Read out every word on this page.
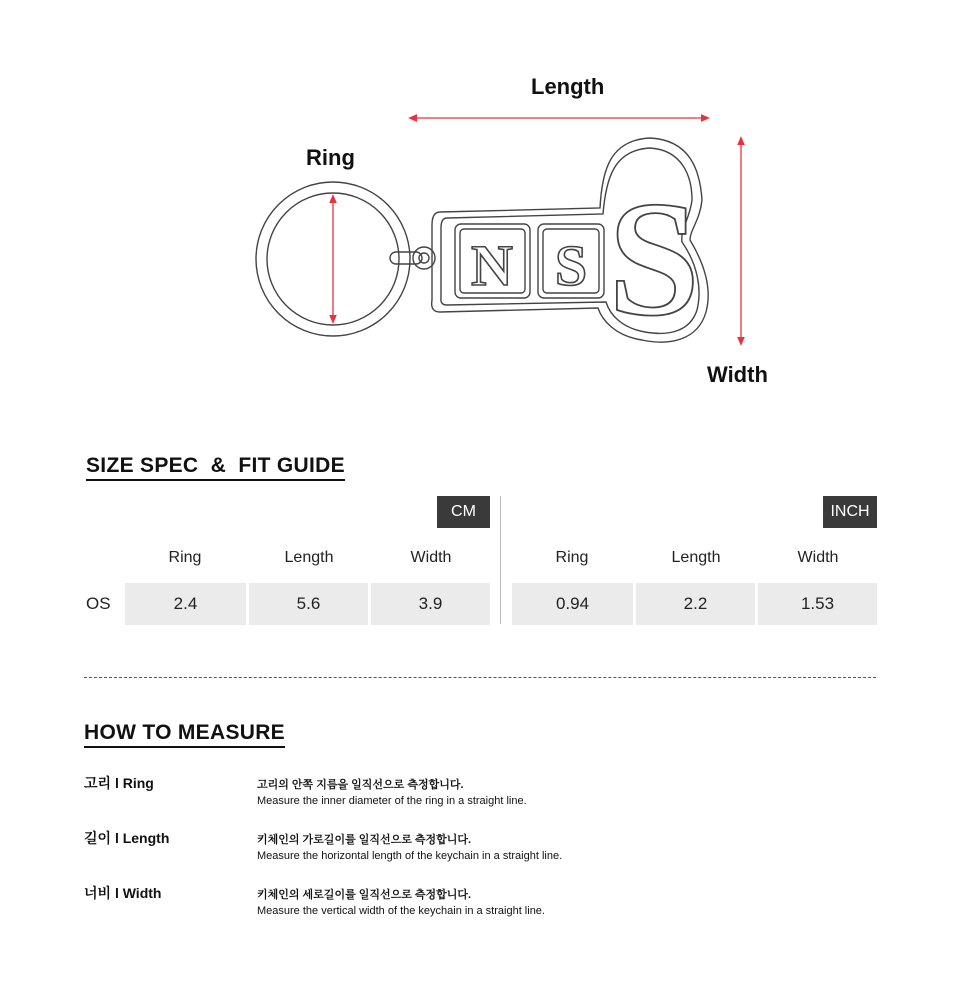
N S S
Length
Ring
Width
SIZE SPEC  &  FIT GUIDE
CM
Ring	Length	Width
OS	2.4	5.6	3.9
INCH
Ring	Length	Width
0.94	2.2	1.53
HOW TO MEASURE
고리 l Ring	고리의 안쪽 지름을 일직선으로 측정합니다.
Measure the inner diameter of the ring in a straight line.
길이 l Length	키체인의 가로길이를 일직선으로 측정합니다.
Measure the horizontal length of the keychain in a straight line.
너비 l Width	키체인의 세로길이를 일직선으로 측정합니다.
Measure the vertical width of the keychain in a straight line.
